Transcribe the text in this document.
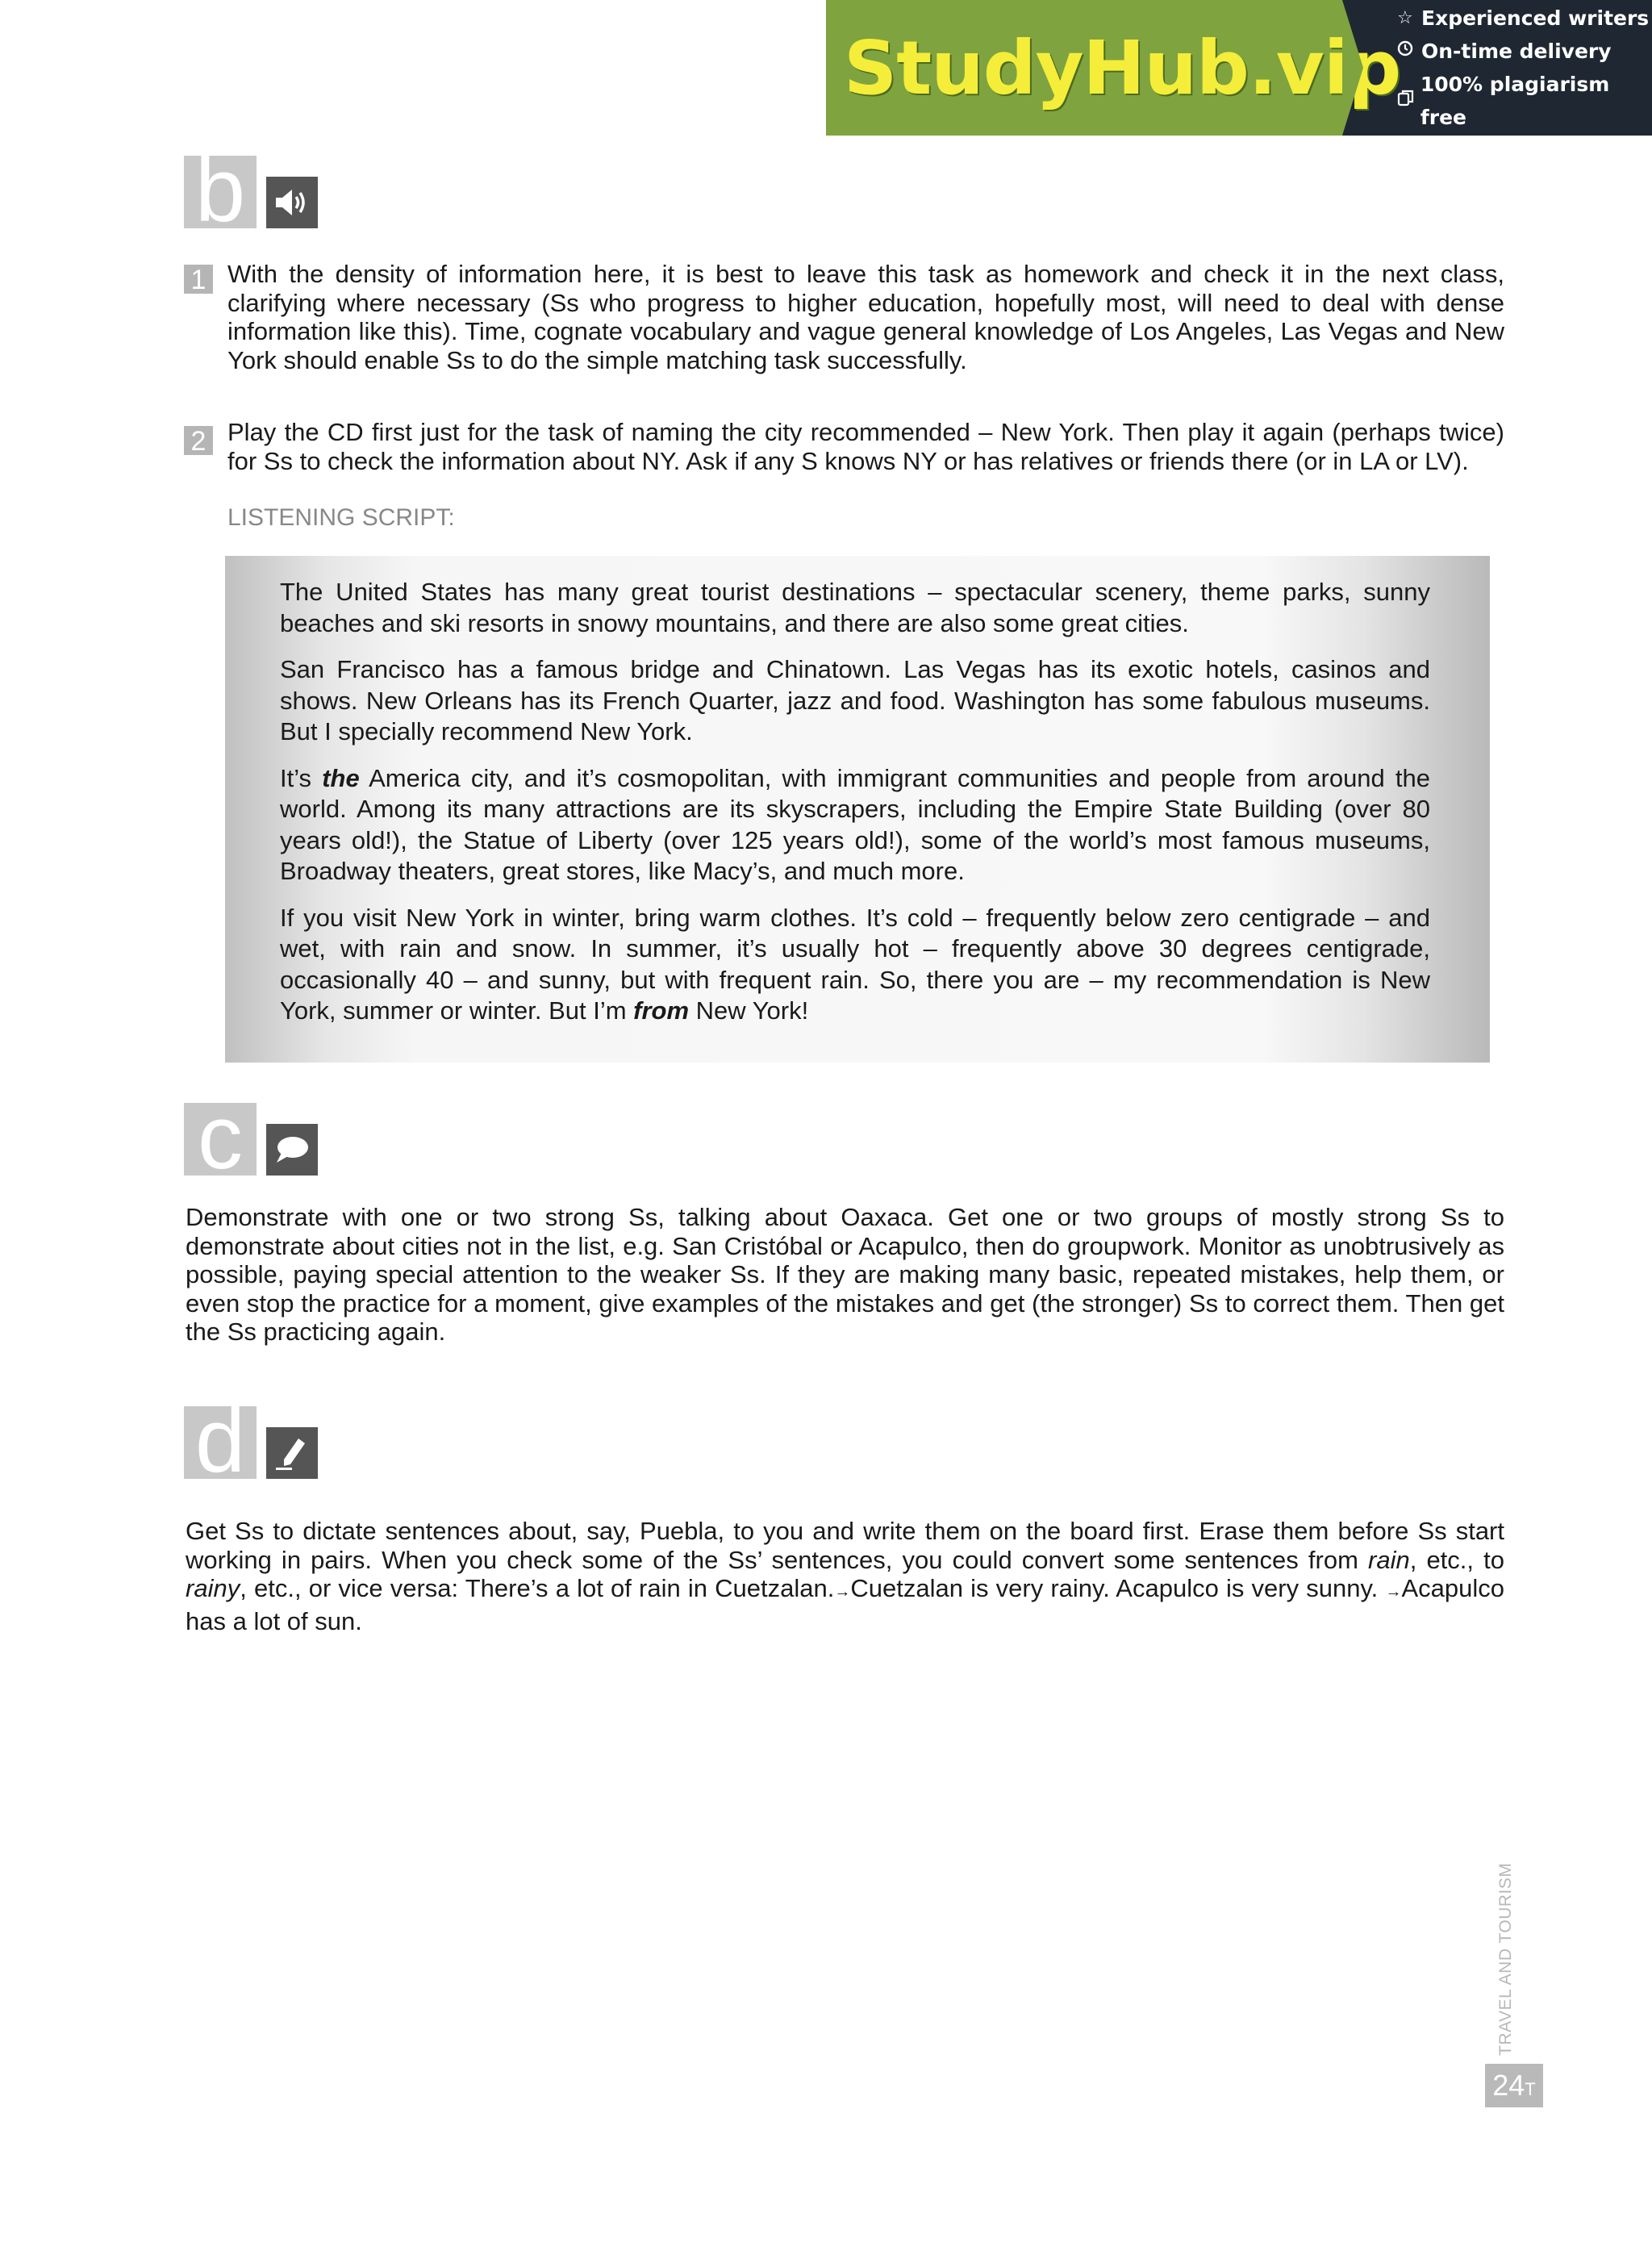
StudyHub.vip
☆ Experienced writers
On-time delivery
100% plagiarism free
b
1 With the density of information here, it is best to leave this task as homework and check it in the next class, clarifying where necessary (Ss who progress to higher education, hopefully most, will need to deal with dense information like this). Time, cognate vocabulary and vague general knowledge of Los Angeles, Las Vegas and New York should enable Ss to do the simple matching task successfully.

2 Play the CD first just for the task of naming the city recommended – New York. Then play it again (perhaps twice) for Ss to check the information about NY. Ask if any S knows NY or has relatives or friends there (or in LA or LV).

LISTENING SCRIPT:

The United States has many great tourist destinations – spectacular scenery, theme parks, sunny beaches and ski resorts in snowy mountains, and there are also some great cities.

San Francisco has a famous bridge and Chinatown. Las Vegas has its exotic hotels, casinos and shows. New Orleans has its French Quarter, jazz and food. Washington has some fabulous museums. But I specially recommend New York.

It’s the America city, and it’s cosmopolitan, with immigrant communities and people from around the world. Among its many attractions are its skyscrapers, including the Empire State Building (over 80 years old!), the Statue of Liberty (over 125 years old!), some of the world’s most famous museums, Broadway theaters, great stores, like Macy’s, and much more.

If you visit New York in winter, bring warm clothes. It’s cold – frequently below zero centigrade – and wet, with rain and snow. In summer, it’s usually hot – frequently above 30 degrees centigrade, occasionally 40 – and sunny, but with frequent rain. So, there you are – my recommendation is New York, summer or winter. But I’m from New York!

c

Demonstrate with one or two strong Ss, talking about Oaxaca. Get one or two groups of mostly strong Ss to demonstrate about cities not in the list, e.g. San Cristóbal or Acapulco, then do groupwork. Monitor as unobtrusively as possible, paying special attention to the weaker Ss. If they are making many basic, repeated mistakes, help them, or even stop the practice for a moment, give examples of the mistakes and get (the stronger) Ss to correct them. Then get the Ss practicing again.

d

Get Ss to dictate sentences about, say, Puebla, to you and write them on the board first. Erase them before Ss start working in pairs. When you check some of the Ss’ sentences, you could convert some sentences from rain, etc., to rainy, etc., or vice versa: There’s a lot of rain in Cuetzalan.→Cuetzalan is very rainy. Acapulco is very sunny. →Acapulco has a lot of sun.

TRAVEL AND TOURISM
24T
